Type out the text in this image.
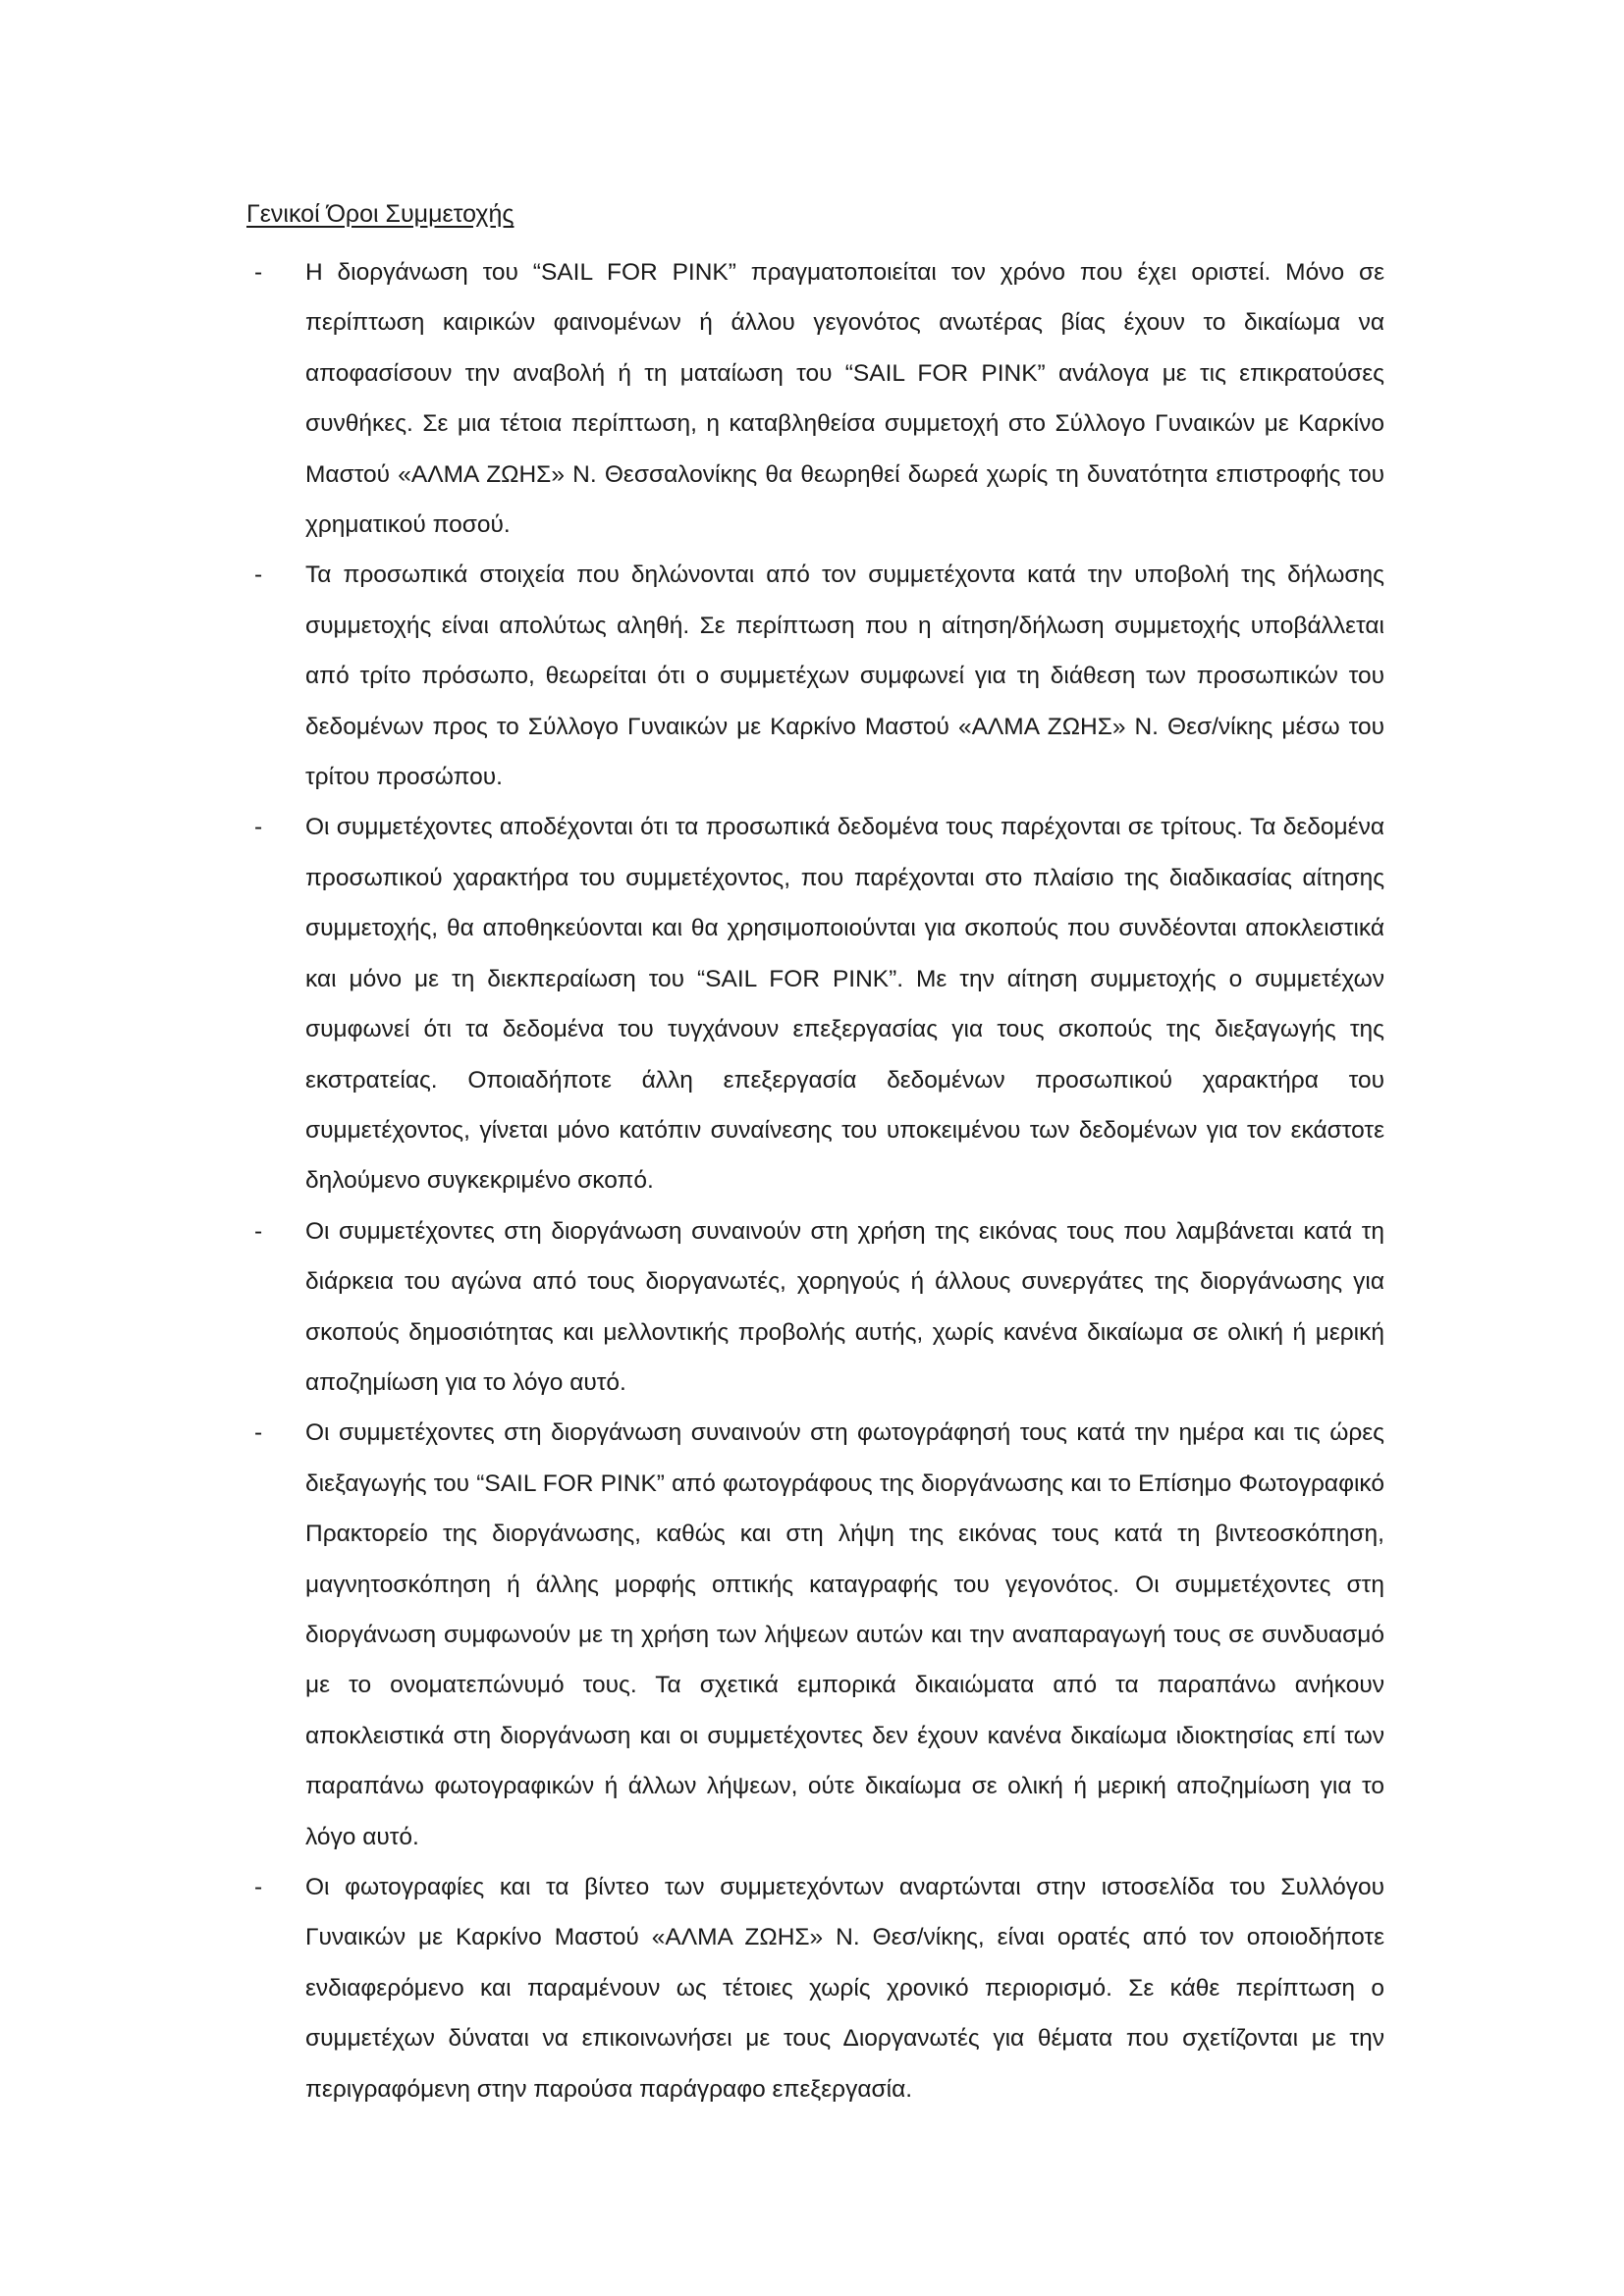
Γενικοί Όροι Συμμετοχής
- Η διοργάνωση του “SAIL FOR PINK” πραγματοποιείται τον χρόνο που έχει οριστεί. Μόνο σε περίπτωση καιρικών φαινομένων ή άλλου γεγονότος ανωτέρας βίας έχουν το δικαίωμα να αποφασίσουν την αναβολή ή τη ματαίωση του “SAIL FOR PINK” ανάλογα με τις επικρατούσες συνθήκες. Σε μια τέτοια περίπτωση, η καταβληθείσα συμμετοχή στο Σύλλογο Γυναικών με Καρκίνο Μαστού «ΑΛΜΑ ΖΩΗΣ» Ν. Θεσσαλονίκης θα θεωρηθεί δωρεά χωρίς τη δυνατότητα επιστροφής του χρηματικού ποσού.
- Τα προσωπικά στοιχεία που δηλώνονται από τον συμμετέχοντα κατά την υποβολή της δήλωσης συμμετοχής είναι απολύτως αληθή. Σε περίπτωση που η αίτηση/δήλωση συμμετοχής υποβάλλεται από τρίτο πρόσωπο, θεωρείται ότι ο συμμετέχων συμφωνεί για τη διάθεση των προσωπικών του δεδομένων προς το Σύλλογο Γυναικών με Καρκίνο Μαστού «ΑΛΜΑ ΖΩΗΣ» Ν. Θεσ/νίκης μέσω του τρίτου προσώπου.
- Οι συμμετέχοντες αποδέχονται ότι τα προσωπικά δεδομένα τους παρέχονται σε τρίτους. Τα δεδομένα προσωπικού χαρακτήρα του συμμετέχοντος, που παρέχονται στο πλαίσιο της διαδικασίας αίτησης συμμετοχής, θα αποθηκεύονται και θα χρησιμοποιούνται για σκοπούς που συνδέονται αποκλειστικά και μόνο με τη διεκπεραίωση του “SAIL FOR PINK”. Με την αίτηση συμμετοχής ο συμμετέχων συμφωνεί ότι τα δεδομένα του τυγχάνουν επεξεργασίας για τους σκοπούς της διεξαγωγής της εκστρατείας. Οποιαδήποτε άλλη επεξεργασία δεδομένων προσωπικού χαρακτήρα του συμμετέχοντος, γίνεται μόνο κατόπιν συναίνεσης του υποκειμένου των δεδομένων για τον εκάστοτε δηλούμενο συγκεκριμένο σκοπό.
- Οι συμμετέχοντες στη διοργάνωση συναινούν στη χρήση της εικόνας τους που λαμβάνεται κατά τη διάρκεια του αγώνα από τους διοργανωτές, χορηγούς ή άλλους συνεργάτες της διοργάνωσης για σκοπούς δημοσιότητας και μελλοντικής προβολής αυτής, χωρίς κανένα δικαίωμα σε ολική ή μερική αποζημίωση για το λόγο αυτό.
- Οι συμμετέχοντες στη διοργάνωση συναινούν στη φωτογράφησή τους κατά την ημέρα και τις ώρες διεξαγωγής του “SAIL FOR PINK” από φωτογράφους της διοργάνωσης και το Επίσημο Φωτογραφικό Πρακτορείο της διοργάνωσης, καθώς και στη λήψη της εικόνας τους κατά τη βιντεοσκόπηση, μαγνητοσκόπηση ή άλλης μορφής οπτικής καταγραφής του γεγονότος. Οι συμμετέχοντες στη διοργάνωση συμφωνούν με τη χρήση των λήψεων αυτών και την αναπαραγωγή τους σε συνδυασμό με το ονοματεπώνυμό τους. Τα σχετικά εμπορικά δικαιώματα από τα παραπάνω ανήκουν αποκλειστικά στη διοργάνωση και οι συμμετέχοντες δεν έχουν κανένα δικαίωμα ιδιοκτησίας επί των παραπάνω φωτογραφικών ή άλλων λήψεων, ούτε δικαίωμα σε ολική ή μερική αποζημίωση για το λόγο αυτό.
- Οι φωτογραφίες και τα βίντεο των συμμετεχόντων αναρτώνται στην ιστοσελίδα του Συλλόγου Γυναικών με Καρκίνο Μαστού «ΑΛΜΑ ΖΩΗΣ» Ν. Θεσ/νίκης, είναι ορατές από τον οποιοδήποτε ενδιαφερόμενο και παραμένουν ως τέτοιες χωρίς χρονικό περιορισμό. Σε κάθε περίπτωση ο συμμετέχων δύναται να επικοινωνήσει με τους Διοργανωτές για θέματα που σχετίζονται με την περιγραφόμενη στην παρούσα παράγραφο επεξεργασία.
